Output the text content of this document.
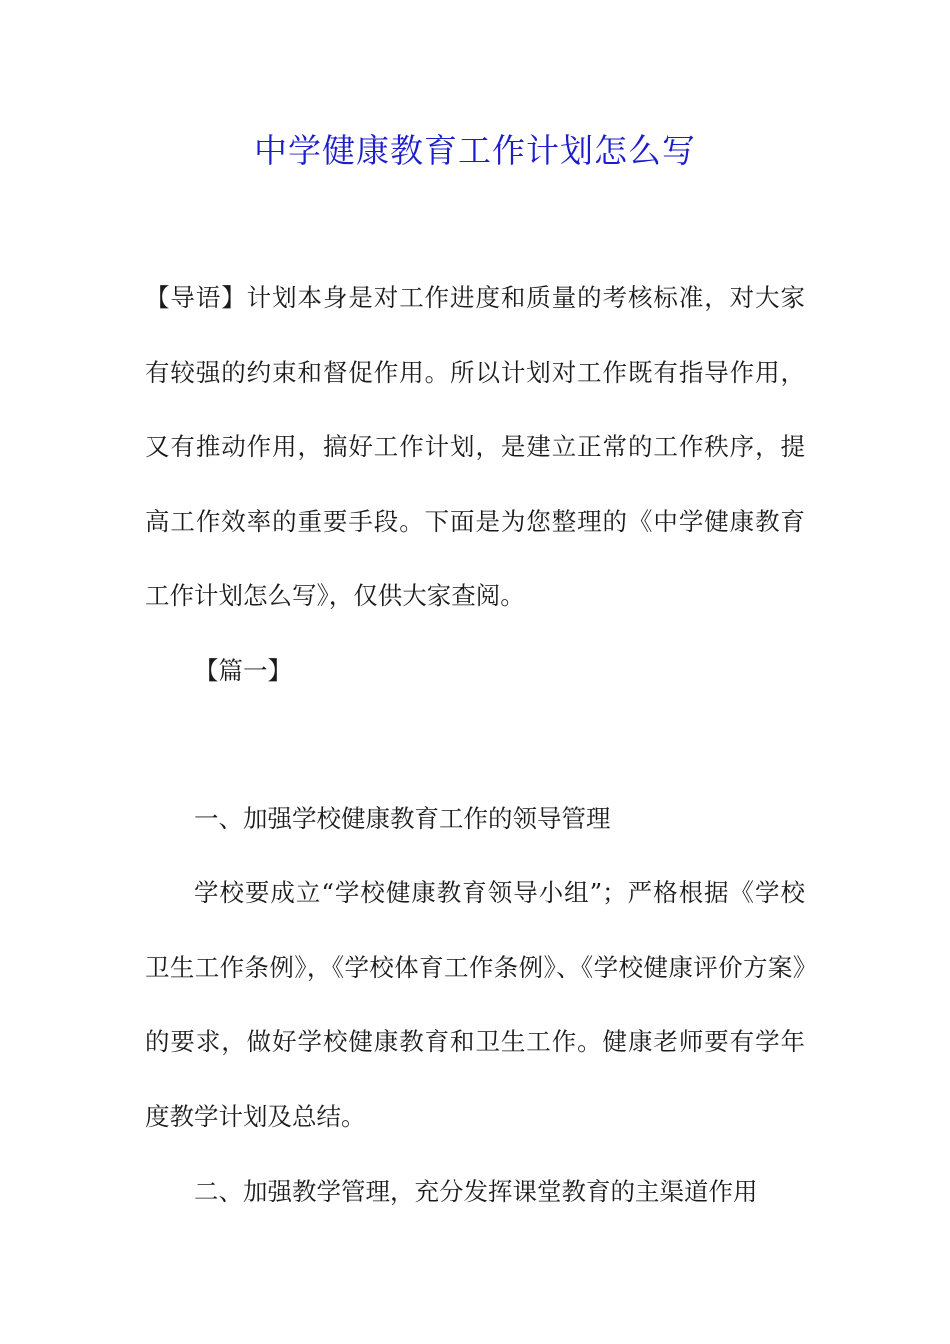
中学健康教育工作计划怎么写
【导语】计划本身是对工作进度和质量的考核标准，对大家有较强的约束和督促作用。所以计划对工作既有指导作用，又有推动作用，搞好工作计划，是建立正常的工作秩序，提高工作效率的重要手段。下面是为您整理的《中学健康教育工作计划怎么写》，仅供大家查阅。
【篇一】
一、加强学校健康教育工作的领导管理
学校要成立“学校健康教育领导小组”；严格根据《学校卫生工作条例》，《学校体育工作条例》、《学校健康评价方案》的要求，做好学校健康教育和卫生工作。健康老师要有学年度教学计划及总结。
二、加强教学管理，充分发挥课堂教育的主渠道作用
